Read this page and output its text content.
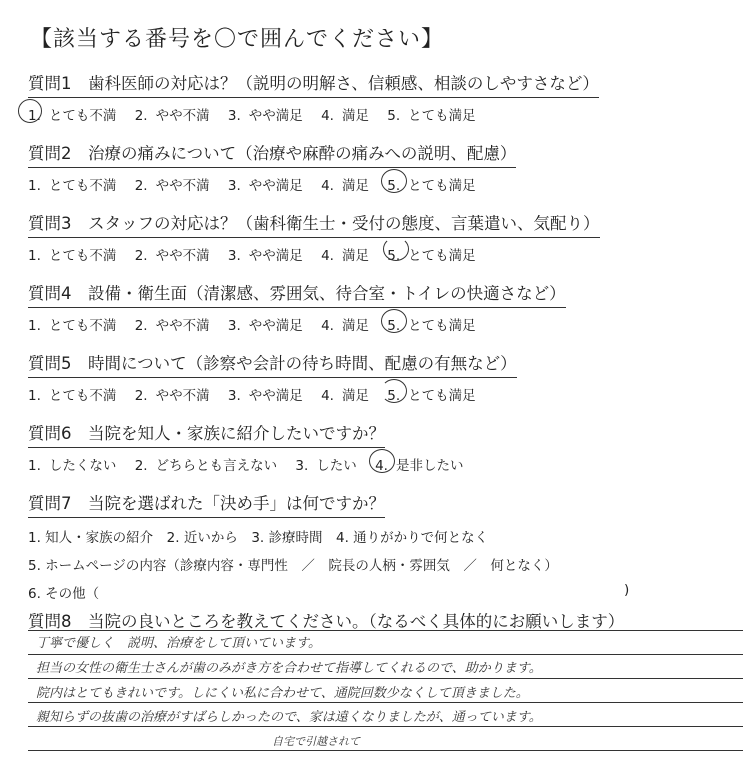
【該当する番号を〇で囲んでください】
質問1　歯科医師の対応は？（説明の明解さ、信頼感、相談のしやすさなど）
1. とても不満 2. やや不満 3. やや満足 4. 満足 5. とても満足
質問2　治療の痛みについて（治療や麻酔の痛みへの説明、配慮）
1. とても不満 2. やや不満 3. やや満足 4. 満足 5. とても満足
質問3　スタッフの対応は？（歯科衛生士・受付の態度、言葉遣い、気配り）
1. とても不満 2. やや不満 3. やや満足 4. 満足 5. とても満足
質問4　設備・衛生面（清潔感、雰囲気、待合室・トイレの快適さなど）
1. とても不満 2. やや不満 3. やや満足 4. 満足 5. とても満足
質問5　時間について（診察や会計の待ち時間、配慮の有無など）
1. とても不満 2. やや不満 3. やや満足 4. 満足 5. とても満足
質問6　当院を知人・家族に紹介したいですか？
1. したくない 2. どちらとも言えない 3. したい 4. 是非したい
質問7　当院を選ばれた「決め手」は何ですか？
1. 知人・家族の紹介　2. 近いから　3. 診療時間　4. 通りがかりで何となく
5. ホームページの内容（診療内容・専門性　／　院長の人柄・雰囲気　／　何となく）
6. その他（	)
質問8　当院の良いところを教えてください。（なるべく具体的にお願いします）
丁寧で優しく　説明、治療をして頂いています。
担当の女性の衛生士さんが歯のみがき方を合わせて指導してくれるので、助かります。
院内はとてもきれいです。しにくい私に合わせて、通院回数少なくして頂きました。
親知らずの抜歯の治療がすばらしかったので、家は遠くなりましたが、通っています。
自宅で引越されて
